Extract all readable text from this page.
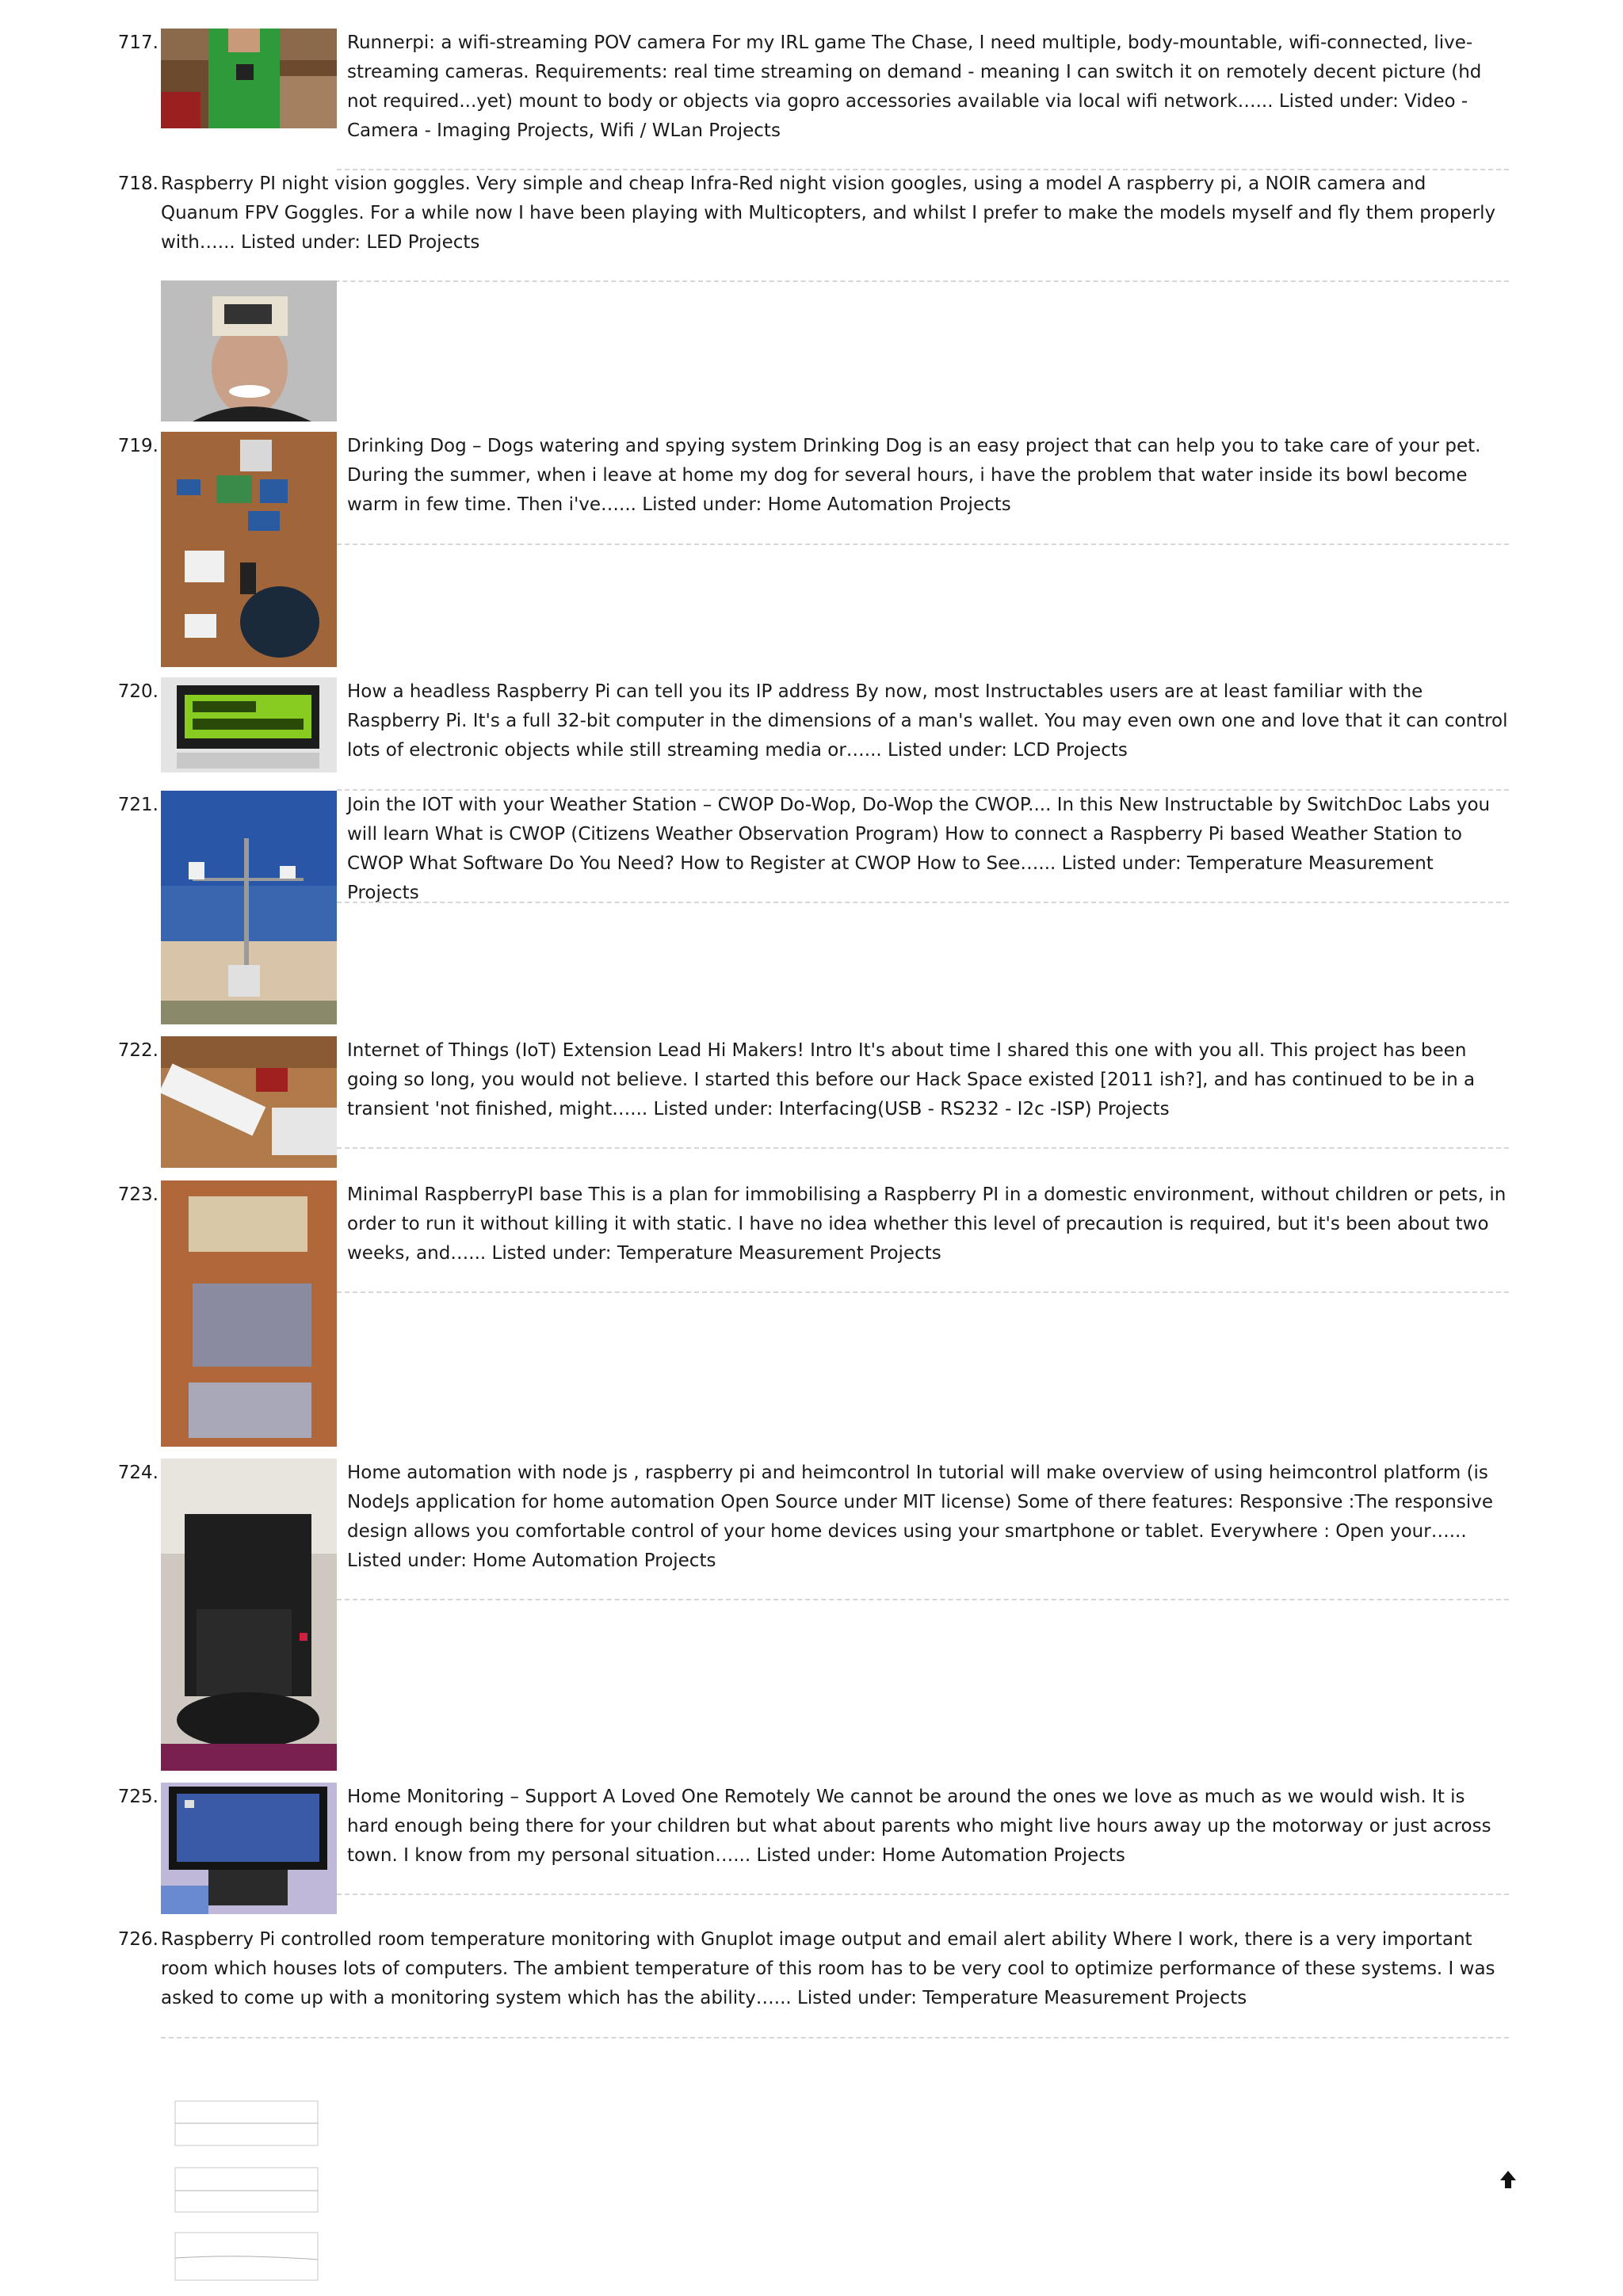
717.	Runnerpi: a wifi-streaming POV camera For my IRL game The Chase, I need multiple, body-mountable, wifi-connected, live-streaming cameras. Requirements: real time streaming on demand - meaning I can switch it on remotely decent picture (hd not required...yet) mount to body or objects via gopro accessories available via local wifi network…... Listed under: Video - Camera - Imaging Projects, Wifi / WLan Projects

718. Raspberry PI night vision goggles. Very simple and cheap Infra-Red night vision googles, using a model A raspberry pi, a NOIR camera and Quanum FPV Goggles. For a while now I have been playing with Multicopters, and whilst I prefer to make the models myself and fly them properly with…... Listed under: LED Projects

719.	Drinking Dog – Dogs watering and spying system Drinking Dog is an easy project that can help you to take care of your pet. During the summer, when i leave at home my dog for several hours, i have the problem that water inside its bowl become warm in few time. Then i've…... Listed under: Home Automation Projects

720.	How a headless Raspberry Pi can tell you its IP address By now, most Instructables users are at least familiar with the Raspberry Pi. It's a full 32-bit computer in the dimensions of a man's wallet. You may even own one and love that it can control lots of electronic objects while still streaming media or…... Listed under: LCD Projects

721.	Join the IOT with your Weather Station – CWOP Do-Wop, Do-Wop the CWOP.... In this New Instructable by SwitchDoc Labs you will learn What is CWOP (Citizens Weather Observation Program) How to connect a Raspberry Pi based Weather Station to CWOP What Software Do You Need? How to Register at CWOP How to See…... Listed under: Temperature Measurement Projects

722.	Internet of Things (IoT) Extension Lead Hi Makers! Intro It's about time I shared this one with you all. This project has been going so long, you would not believe. I started this before our Hack Space existed [2011 ish?], and has continued to be in a transient 'not finished, might…... Listed under: Interfacing(USB - RS232 - I2c -ISP) Projects

723.	Minimal RaspberryPI base This is a plan for immobilising a Raspberry PI in a domestic environment, without children or pets, in order to run it without killing it with static. I have no idea whether this level of precaution is required, but it's been about two weeks, and…... Listed under: Temperature Measurement Projects

724.	Home automation with node js , raspberry pi and heimcontrol In tutorial will make overview of using heimcontrol platform (is NodeJs application for home automation Open Source under MIT license) Some of there features: Responsive :The responsive design allows you comfortable control of your home devices using your smartphone or tablet. Everywhere : Open your…... Listed under: Home Automation Projects

725.	Home Monitoring – Support A Loved One Remotely We cannot be around the ones we love as much as we would wish. It is hard enough being there for your children but what about parents who might live hours away up the motorway or just across town. I know from my personal situation…... Listed under: Home Automation Projects

726. Raspberry Pi controlled room temperature monitoring with Gnuplot image output and email alert ability Where I work, there is a very important room which houses lots of computers. The ambient temperature of this room has to be very cool to optimize performance of these systems. I was asked to come up with a monitoring system which has the ability…... Listed under: Temperature Measurement Projects
